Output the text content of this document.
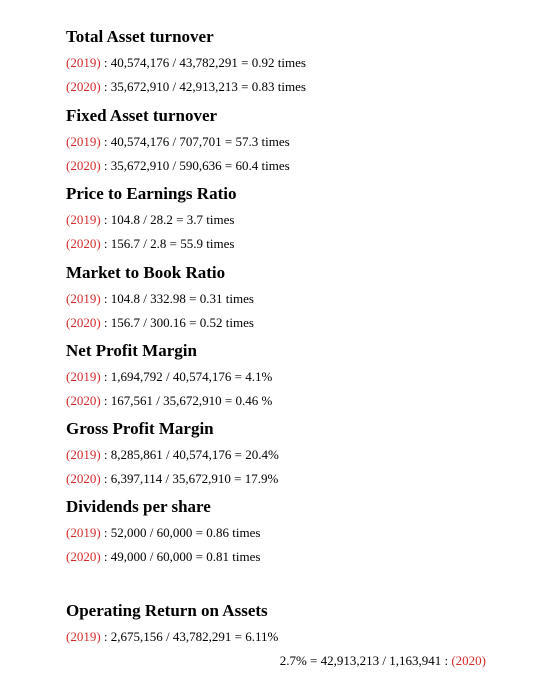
Total Asset turnover
(2019) : 40,574,176 / 43,782,291 = 0.92 times
(2020) : 35,672,910 / 42,913,213 = 0.83 times
Fixed Asset turnover
(2019) : 40,574,176 / 707,701 = 57.3 times
(2020) : 35,672,910 / 590,636 = 60.4 times
Price to Earnings Ratio
(2019) : 104.8 / 28.2 = 3.7 times
(2020) : 156.7 / 2.8 = 55.9 times
Market to Book Ratio
(2019) : 104.8 / 332.98 = 0.31 times
(2020) : 156.7 / 300.16 = 0.52 times
Net Profit Margin
(2019) : 1,694,792 / 40,574,176 = 4.1%
(2020) : 167,561 / 35,672,910 = 0.46 %
Gross Profit Margin
(2019) : 8,285,861 / 40,574,176 = 20.4%
(2020) : 6,397,114 / 35,672,910 = 17.9%
Dividends per share
(2019) : 52,000 / 60,000 = 0.86 times
(2020) : 49,000 / 60,000 = 0.81 times
Operating Return on Assets
(2019) : 2,675,156 / 43,782,291 = 6.11%
2.7% = 42,913,213 / 1,163,941 : (2020)
